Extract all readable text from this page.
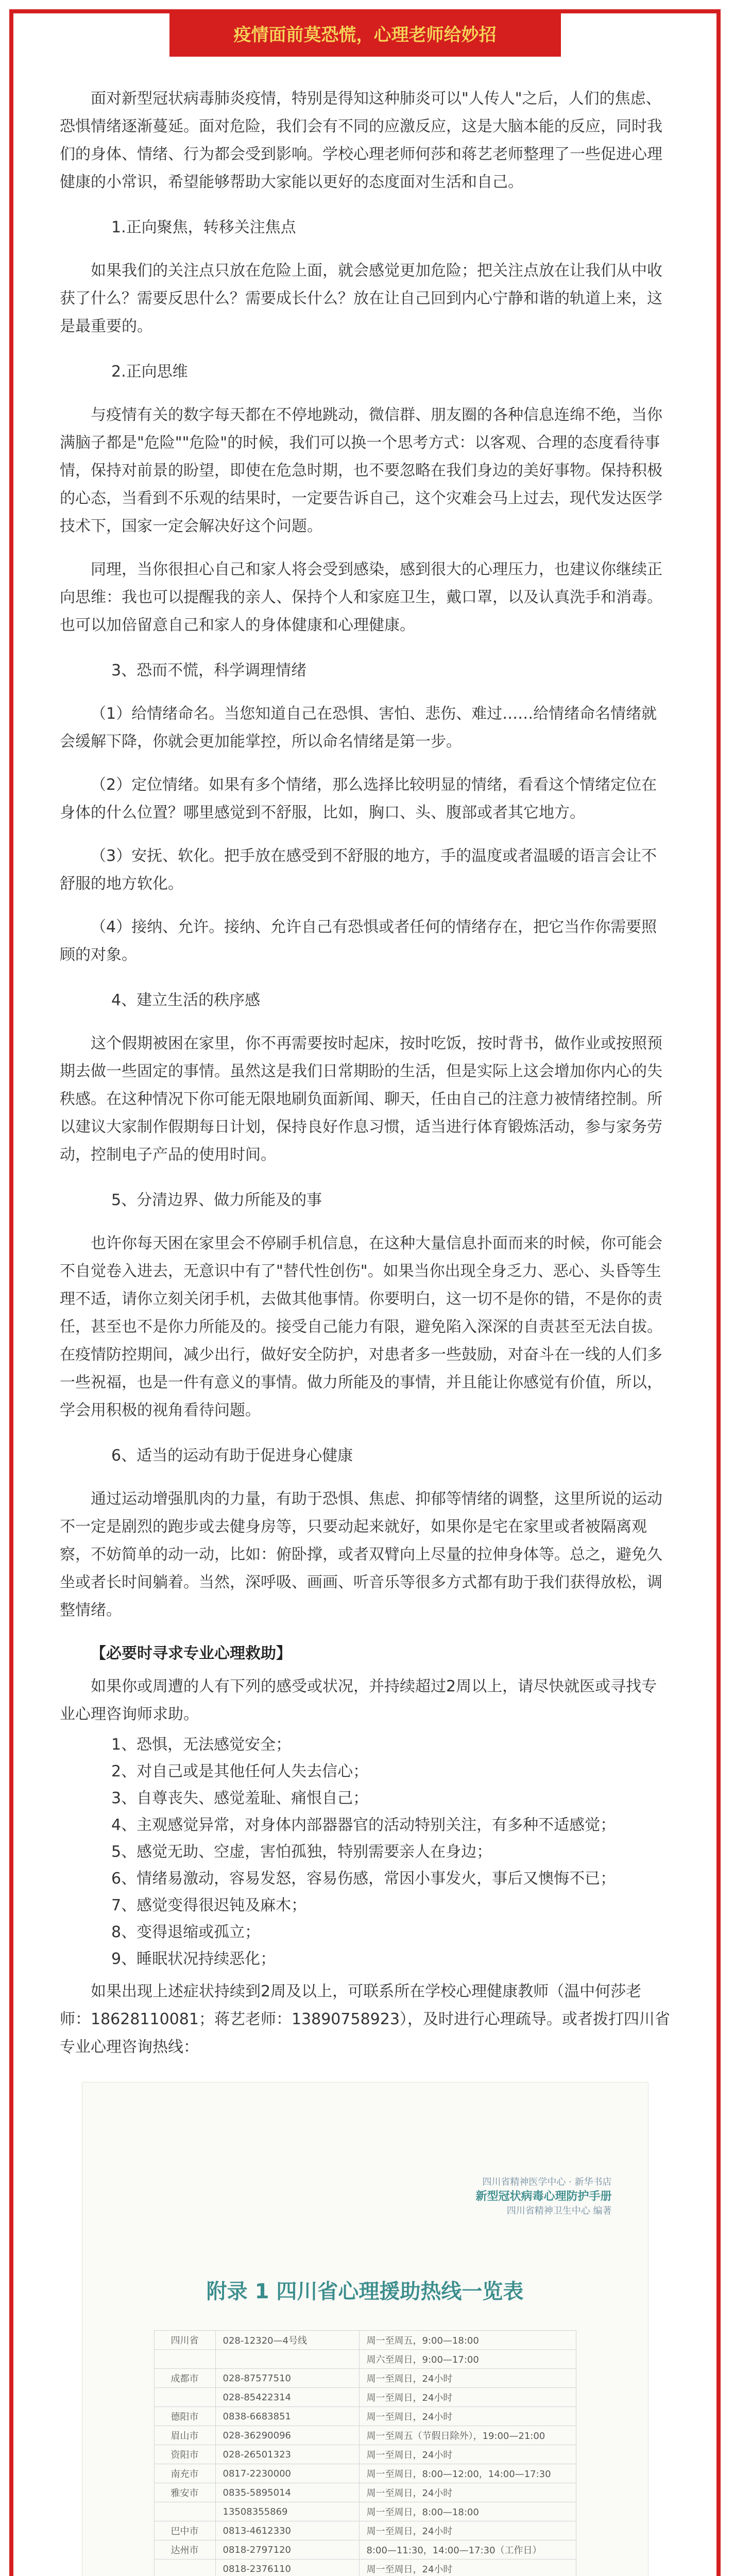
疫情面前莫恐慌，心理老师给妙招

面对新型冠状病毒肺炎疫情，特别是得知这种肺炎可以"人传人"之后，人们的焦虑、恐惧情绪逐渐蔓延。面对危险，我们会有不同的应激反应，这是大脑本能的反应，同时我们的身体、情绪、行为都会受到影响。学校心理老师何莎和蒋艺老师整理了一些促进心理健康的小常识，希望能够帮助大家能以更好的态度面对生活和自己。

1.正向聚焦，转移关注焦点

如果我们的关注点只放在危险上面，就会感觉更加危险；把关注点放在让我们从中收获了什么？需要反思什么？需要成长什么？放在让自己回到内心宁静和谐的轨道上来，这是最重要的。

2.正向思维

与疫情有关的数字每天都在不停地跳动，微信群、朋友圈的各种信息连绵不绝，当你满脑子都是"危险""危险"的时候，我们可以换一个思考方式：以客观、合理的态度看待事情，保持对前景的盼望，即使在危急时期，也不要忽略在我们身边的美好事物。保持积极的心态，当看到不乐观的结果时，一定要告诉自己，这个灾难会马上过去，现代发达医学技术下，国家一定会解决好这个问题。

同理，当你很担心自己和家人将会受到感染，感到很大的心理压力，也建议你继续正向思维：我也可以提醒我的亲人、保持个人和家庭卫生，戴口罩，以及认真洗手和消毒。也可以加倍留意自己和家人的身体健康和心理健康。

3、恐而不慌，科学调理情绪

（1）给情绪命名。当您知道自己在恐惧、害怕、悲伤、难过……给情绪命名情绪就会缓解下降，你就会更加能掌控，所以命名情绪是第一步。

（2）定位情绪。如果有多个情绪，那么选择比较明显的情绪，看看这个情绪定位在身体的什么位置？哪里感觉到不舒服，比如，胸口、头、腹部或者其它地方。

（3）安抚、软化。把手放在感受到不舒服的地方，手的温度或者温暖的语言会让不舒服的地方软化。

（4）接纳、允许。接纳、允许自己有恐惧或者任何的情绪存在，把它当作你需要照顾的对象。

4、建立生活的秩序感

这个假期被困在家里，你不再需要按时起床，按时吃饭，按时背书，做作业或按照预期去做一些固定的事情。虽然这是我们日常期盼的生活，但是实际上这会增加你内心的失秩感。在这种情况下你可能无限地刷负面新闻、聊天，任由自己的注意力被情绪控制。所以建议大家制作假期每日计划，保持良好作息习惯，适当进行体育锻炼活动，参与家务劳动，控制电子产品的使用时间。

5、分清边界、做力所能及的事

也许你每天困在家里会不停刷手机信息，在这种大量信息扑面而来的时候，你可能会不自觉卷入进去，无意识中有了"替代性创伤"。如果当你出现全身乏力、恶心、头昏等生理不适，请你立刻关闭手机，去做其他事情。你要明白，这一切不是你的错，不是你的责任，甚至也不是你力所能及的。接受自己能力有限，避免陷入深深的自责甚至无法自拔。在疫情防控期间，减少出行，做好安全防护，对患者多一些鼓励，对奋斗在一线的人们多一些祝福，也是一件有意义的事情。做力所能及的事情，并且能让你感觉有价值，所以，学会用积极的视角看待问题。

6、适当的运动有助于促进身心健康

通过运动增强肌肉的力量，有助于恐惧、焦虑、抑郁等情绪的调整，这里所说的运动不一定是剧烈的跑步或去健身房等，只要动起来就好，如果你是宅在家里或者被隔离观察，不妨简单的动一动，比如：俯卧撑，或者双臂向上尽量的拉伸身体等。总之，避免久坐或者长时间躺着。当然，深呼吸、画画、听音乐等很多方式都有助于我们获得放松，调整情绪。

【必要时寻求专业心理救助】

如果你或周遭的人有下列的感受或状况，并持续超过2周以上，请尽快就医或寻找专业心理咨询师求助。

1、恐惧，无法感觉安全；
2、对自己或是其他任何人失去信心；
3、自尊丧失、感觉羞耻、痛恨自己；
4、主观感觉异常，对身体内部器器官的活动特别关注，有多种不适感觉；
5、感觉无助、空虚，害怕孤独，特别需要亲人在身边；
6、情绪易激动，容易发怒，容易伤感，常因小事发火，事后又懊悔不已；
7、感觉变得很迟钝及麻木；
8、变得退缩或孤立；
9、睡眠状况持续恶化；

如果出现上述症状持续到2周及以上，可联系所在学校心理健康教师（温中何莎老师：18628110081；蒋艺老师：13890758923），及时进行心理疏导。或者拨打四川省专业心理咨询热线：

四川省精神医学中心 · 新华书店
新型冠状病毒心理防护手册
四川省精神卫生中心 编著
附录 1 四川省心理援助热线一览表
四川省	028-12320—4号线	周一至周五，9:00—18:00
		周六至周日，9:00—17:00
成都市	028-87577510	周一至周日，24小时
	028-85422314	周一至周日，24小时
德阳市	0838-6683851	周一至周日，24小时
眉山市	028-36290096	周一至周五（节假日除外），19:00—21:00
资阳市	028-26501323	周一至周日，24小时
南充市	0817-2230000	周一至周日，8:00—12:00，14:00—17:30
雅安市	0835-5895014	周一至周日，24小时
	13508355869	周一至周日，8:00—18:00
巴中市	0813-4612330	周一至周日，24小时
达州市	0818-2797120	8:00—11:30，14:00—17:30（工作日）
	0818-2376110	周一至周日，24小时
